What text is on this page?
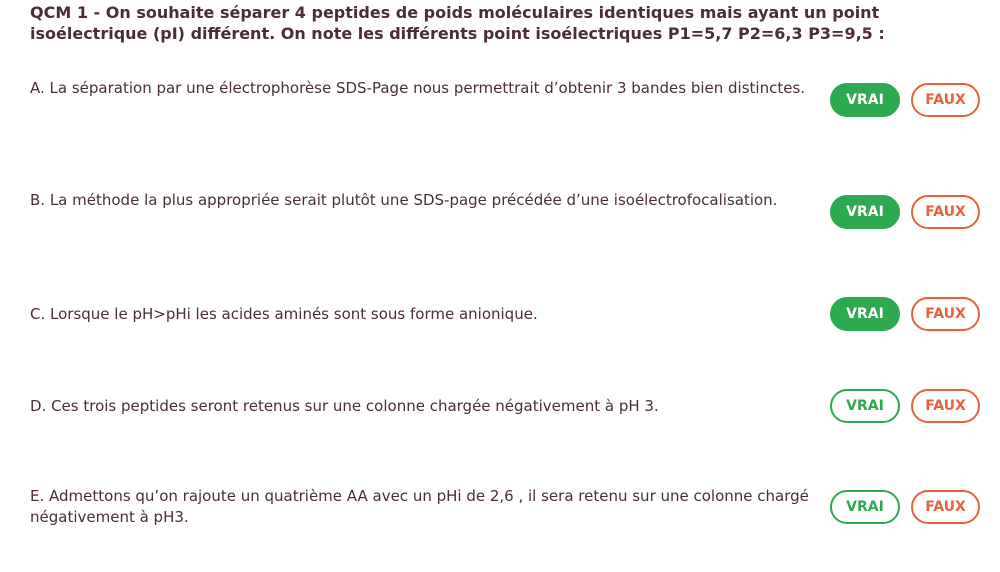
QCM 1 - On souhaite séparer 4 peptides de poids moléculaires identiques mais ayant un point isoélectrique (pI) différent. On note les différents point isoélectriques P1=5,7 P2=6,3 P3=9,5 :
A. La séparation par une électrophorèse SDS-Page nous permettrait d’obtenir 3 bandes bien distinctes.
VRAI	FAUX
B. La méthode la plus appropriée serait plutôt une SDS-page précédée d’une isoélectrofocalisation.
VRAI	FAUX
C. Lorsque le pH>pHi les acides aminés sont sous forme anionique.	VRAI	FAUX
D. Ces trois peptides seront retenus sur une colonne chargée négativement à pH 3.	VRAI	FAUX
E. Admettons qu’on rajoute un quatrième AA avec un pHi de 2,6 , il sera retenu sur une colonne chargé négativement à pH3.
VRAI	FAUX
